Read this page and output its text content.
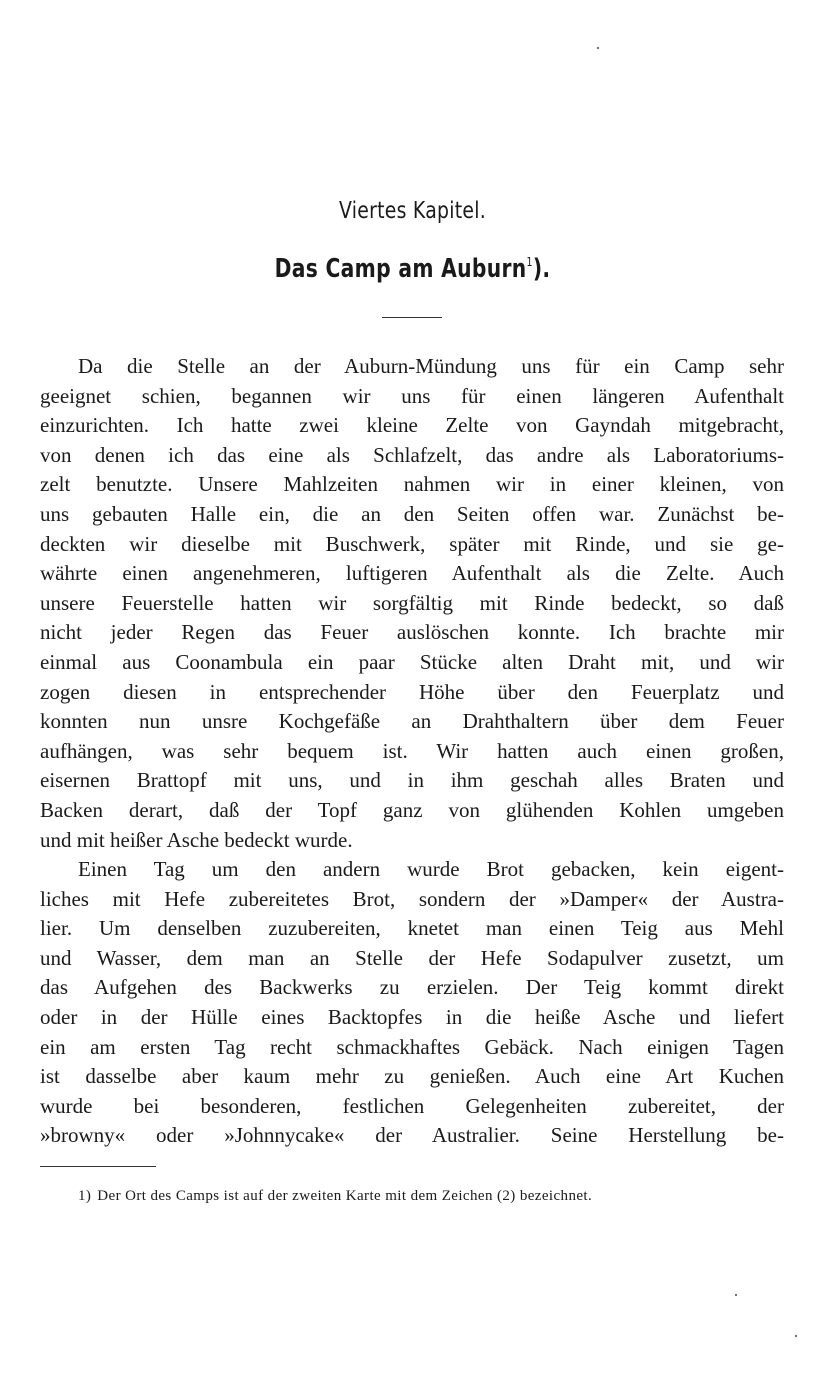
Viertes Kapitel.
Das Camp am Auburn$^1$).

Da die Stelle an der Auburn-Mündung uns für ein Camp sehr
geeignet schien, begannen wir uns für einen längeren Aufenthalt
einzurichten. Ich hatte zwei kleine Zelte von Gayndah mitgebracht,
von denen ich das eine als Schlafzelt, das andre als Laboratoriums-
zelt benutzte. Unsere Mahlzeiten nahmen wir in einer kleinen, von
uns gebauten Halle ein, die an den Seiten offen war. Zunächst be-
deckten wir dieselbe mit Buschwerk, später mit Rinde, und sie ge-
währte einen angenehmeren, luftigeren Aufenthalt als die Zelte. Auch
unsere Feuerstelle hatten wir sorgfältig mit Rinde bedeckt, so daß
nicht jeder Regen das Feuer auslöschen konnte. Ich brachte mir
einmal aus Coonambula ein paar Stücke alten Draht mit, und wir
zogen diesen in entsprechender Höhe über den Feuerplatz und
konnten nun unsre Kochgefäße an Drahthaltern über dem Feuer
aufhängen, was sehr bequem ist. Wir hatten auch einen großen,
eisernen Brattopf mit uns, und in ihm geschah alles Braten und
Backen derart, daß der Topf ganz von glühenden Kohlen umgeben
und mit heißer Asche bedeckt wurde.

Einen Tag um den andern wurde Brot gebacken, kein eigent-
liches mit Hefe zubereitetes Brot, sondern der »Damper« der Austra-
lier. Um denselben zuzubereiten, knetet man einen Teig aus Mehl
und Wasser, dem man an Stelle der Hefe Sodapulver zusetzt, um
das Aufgehen des Backwerks zu erzielen. Der Teig kommt direkt
oder in der Hülle eines Backtopfes in die heiße Asche und liefert
ein am ersten Tag recht schmackhaftes Gebäck. Nach einigen Tagen
ist dasselbe aber kaum mehr zu genießen. Auch eine Art Kuchen
wurde bei besonderen, festlichen Gelegenheiten zubereitet, der
»browny« oder »Johnnycake« der Australier. Seine Herstellung be-

1) Der Ort des Camps ist auf der zweiten Karte mit dem Zeichen (2) bezeichnet.
